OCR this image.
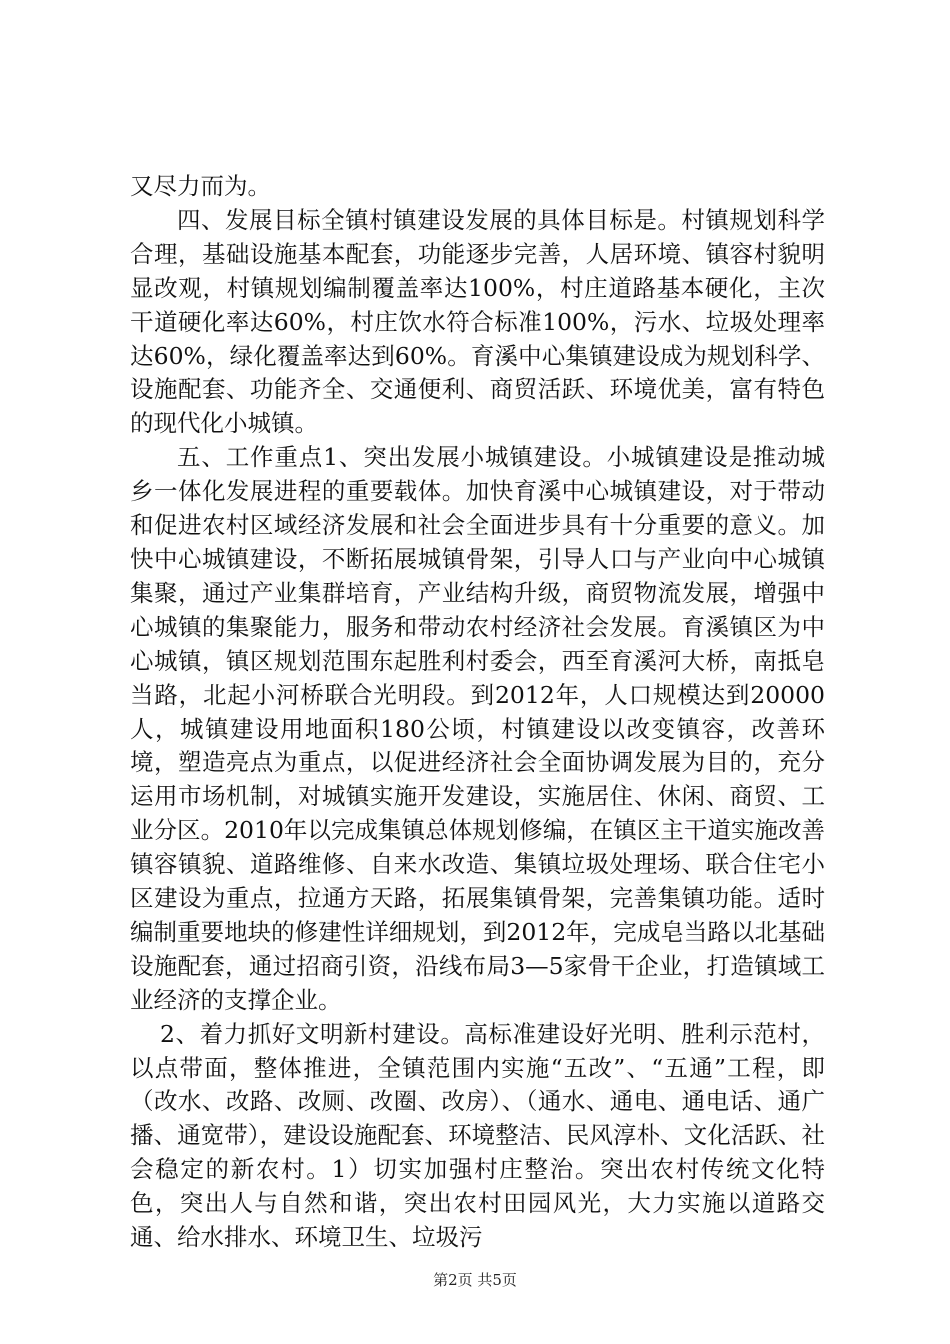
又尽力而为。

四、发展目标全镇村镇建设发展的具体目标是。村镇规划科学合理，基础设施基本配套，功能逐步完善，人居环境、镇容村貌明显改观，村镇规划编制覆盖率达100%，村庄道路基本硬化，主次干道硬化率达60%，村庄饮水符合标准100%，污水、垃圾处理率达60%，绿化覆盖率达到60%。育溪中心集镇建设成为规划科学、设施配套、功能齐全、交通便利、商贸活跃、环境优美，富有特色的现代化小城镇。

五、工作重点1、突出发展小城镇建设。小城镇建设是推动城乡一体化发展进程的重要载体。加快育溪中心城镇建设，对于带动和促进农村区域经济发展和社会全面进步具有十分重要的意义。加快中心城镇建设，不断拓展城镇骨架，引导人口与产业向中心城镇集聚，通过产业集群培育，产业结构升级，商贸物流发展，增强中心城镇的集聚能力，服务和带动农村经济社会发展。育溪镇区为中心城镇，镇区规划范围东起胜利村委会，西至育溪河大桥，南抵皂当路，北起小河桥联合光明段。到2012年，人口规模达到20000人，城镇建设用地面积180公顷，村镇建设以改变镇容，改善环境，塑造亮点为重点，以促进经济社会全面协调发展为目的，充分运用市场机制，对城镇实施开发建设，实施居住、休闲、商贸、工业分区。2010年以完成集镇总体规划修编，在镇区主干道实施改善镇容镇貌、道路维修、自来水改造、集镇垃圾处理场、联合住宅小区建设为重点，拉通方天路，拓展集镇骨架，完善集镇功能。适时编制重要地块的修建性详细规划，到2012年，完成皂当路以北基础设施配套，通过招商引资，沿线布局3—5家骨干企业，打造镇域工业经济的支撑企业。

2、着力抓好文明新村建设。高标准建设好光明、胜利示范村，以点带面，整体推进，全镇范围内实施“五改”、“五通”工程，即（改水、改路、改厕、改圈、改房）、（通水、通电、通电话、通广播、通宽带），建设设施配套、环境整洁、民风淳朴、文化活跃、社会稳定的新农村。1）切实加强村庄整治。突出农村传统文化特色，突出人与自然和谐，突出农村田园风光，大力实施以道路交通、给水排水、环境卫生、垃圾污

第2页 共5页
